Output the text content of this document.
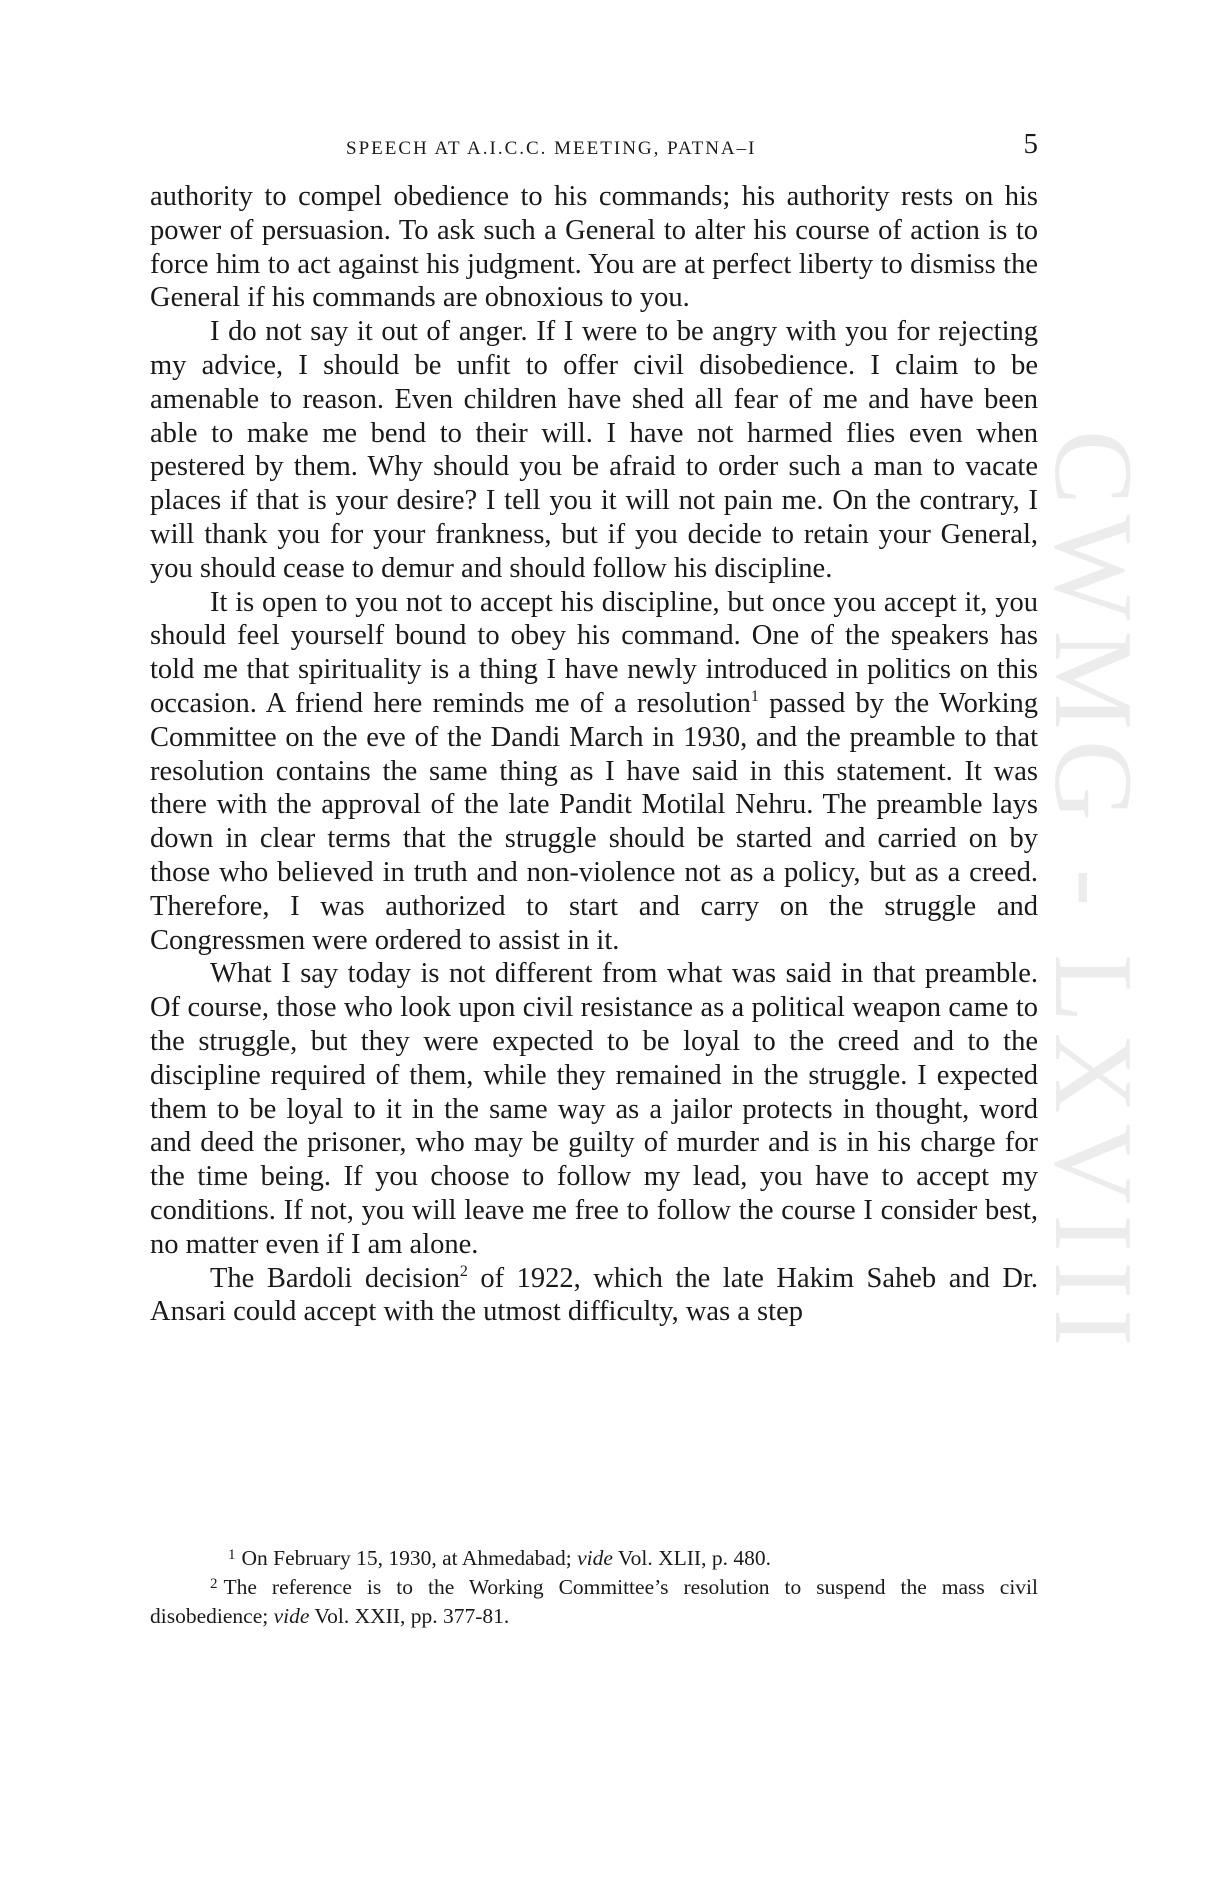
CWMG - LXVIII
SPEECH AT A.I.C.C. MEETING, PATNA–I	5

authority to compel obedience to his commands; his authority rests on his power of persuasion. To ask such a General to alter his course of action is to force him to act against his judgment. You are at perfect liberty to dismiss the General if his commands are obnoxious to you.

I do not say it out of anger. If I were to be angry with you for rejecting my advice, I should be unfit to offer civil disobedience. I claim to be amenable to reason. Even children have shed all fear of me and have been able to make me bend to their will. I have not harmed flies even when pestered by them. Why should you be afraid to order such a man to vacate places if that is your desire? I tell you it will not pain me. On the contrary, I will thank you for your frankness, but if you decide to retain your General, you should cease to demur and should follow his discipline.

It is open to you not to accept his discipline, but once you accept it, you should feel yourself bound to obey his command. One of the speakers has told me that spirituality is a thing I have newly introduced in politics on this occasion. A friend here reminds me of a resolution$^1$ passed by the Working Committee on the eve of the Dandi March in 1930, and the preamble to that resolution contains the same thing as I have said in this statement. It was there with the approval of the late Pandit Motilal Nehru. The preamble lays down in clear terms that the struggle should be started and carried on by those who believed in truth and non-violence not as a policy, but as a creed. Therefore, I was authorized to start and carry on the struggle and Congressmen were ordered to assist in it.

What I say today is not different from what was said in that preamble. Of course, those who look upon civil resistance as a political weapon came to the struggle, but they were expected to be loyal to the creed and to the discipline required of them, while they remained in the struggle. I expected them to be loyal to it in the same way as a jailor protects in thought, word and deed the prisoner, who may be guilty of murder and is in his charge for the time being. If you choose to follow my lead, you have to accept my conditions. If not, you will leave me free to follow the course I consider best, no matter even if I am alone.

The Bardoli decision$^2$ of 1922, which the late Hakim Saheb and Dr. Ansari could accept with the utmost difficulty, was a step

$^1$ On February 15, 1930, at Ahmedabad; vide Vol. XLII, p. 480.

$^2$ The reference is to the Working Committee’s resolution to suspend the mass civil disobedience; vide Vol. XXII, pp. 377-81.
